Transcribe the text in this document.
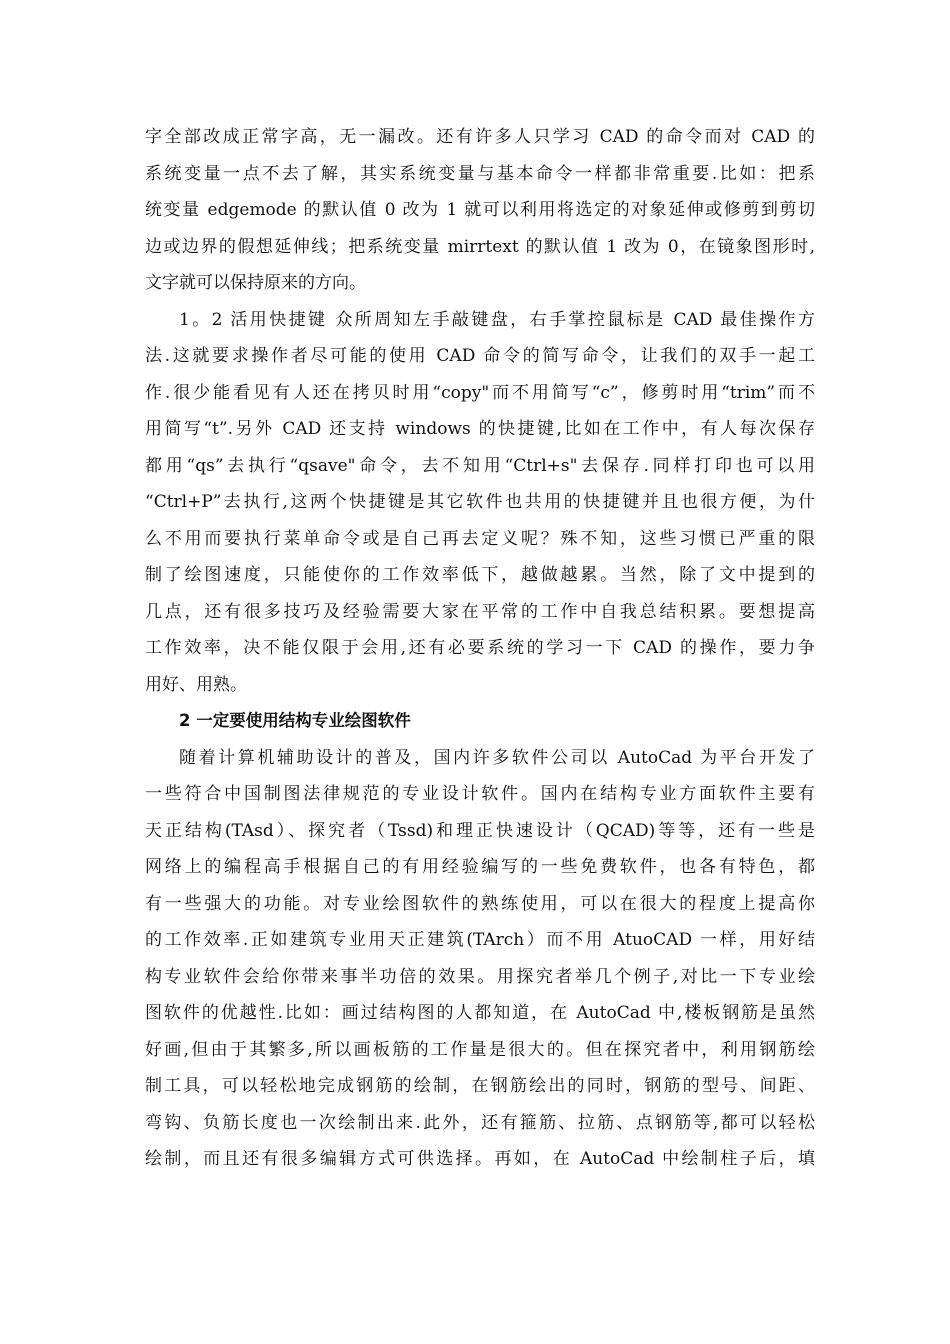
字全部改成正常字高，无一漏改。还有许多人只学习 CAD 的命令而对 CAD 的
系统变量一点不去了解，其实系统变量与基本命令一样都非常重要.比如：把系
统变量 edgemode 的默认值 0 改为 1 就可以利用将选定的对象延伸或修剪到剪切
边或边界的假想延伸线；把系统变量 mirrtext 的默认值 1 改为 0，在镜象图形时,
文字就可以保持原来的方向。
1。2 活用快捷键 众所周知左手敲键盘，右手掌控鼠标是 CAD 最佳操作方
法.这就要求操作者尽可能的使用 CAD 命令的简写命令，让我们的双手一起工
作.很少能看见有人还在拷贝时用“copy"而不用简写“c”，修剪时用“trim”而不
用简写“t”.另外 CAD 还支持 windows 的快捷键,比如在工作中，有人每次保存
都用“qs”去执行“qsave"命令，去不知用“Ctrl+s"去保存.同样打印也可以用
“Ctrl+P”去执行,这两个快捷键是其它软件也共用的快捷键并且也很方便，为什
么不用而要执行菜单命令或是自己再去定义呢？殊不知，这些习惯已严重的限
制了绘图速度，只能使你的工作效率低下，越做越累。当然，除了文中提到的
几点，还有很多技巧及经验需要大家在平常的工作中自我总结积累。要想提高
工作效率，决不能仅限于会用,还有必要系统的学习一下 CAD 的操作，要力争
用好、用熟。
2 一定要使用结构专业绘图软件
随着计算机辅助设计的普及，国内许多软件公司以 AutoCad 为平台开发了
一些符合中国制图法律规范的专业设计软件。国内在结构专业方面软件主要有
天正结构(TAsd）、探究者（Tssd)和理正快速设计（QCAD)等等，还有一些是
网络上的编程高手根据自己的有用经验编写的一些免费软件，也各有特色，都
有一些强大的功能。对专业绘图软件的熟练使用，可以在很大的程度上提高你
的工作效率.正如建筑专业用天正建筑(TArch）而不用 AtuoCAD 一样，用好结
构专业软件会给你带来事半功倍的效果。用探究者举几个例子,对比一下专业绘
图软件的优越性.比如：画过结构图的人都知道，在 AutoCad 中,楼板钢筋是虽然
好画,但由于其繁多,所以画板筋的工作量是很大的。但在探究者中，利用钢筋绘
制工具，可以轻松地完成钢筋的绘制，在钢筋绘出的同时，钢筋的型号、间距、
弯钩、负筋长度也一次绘制出来.此外，还有箍筋、拉筋、点钢筋等,都可以轻松
绘制，而且还有很多编辑方式可供选择。再如，在 AutoCad 中绘制柱子后，填
